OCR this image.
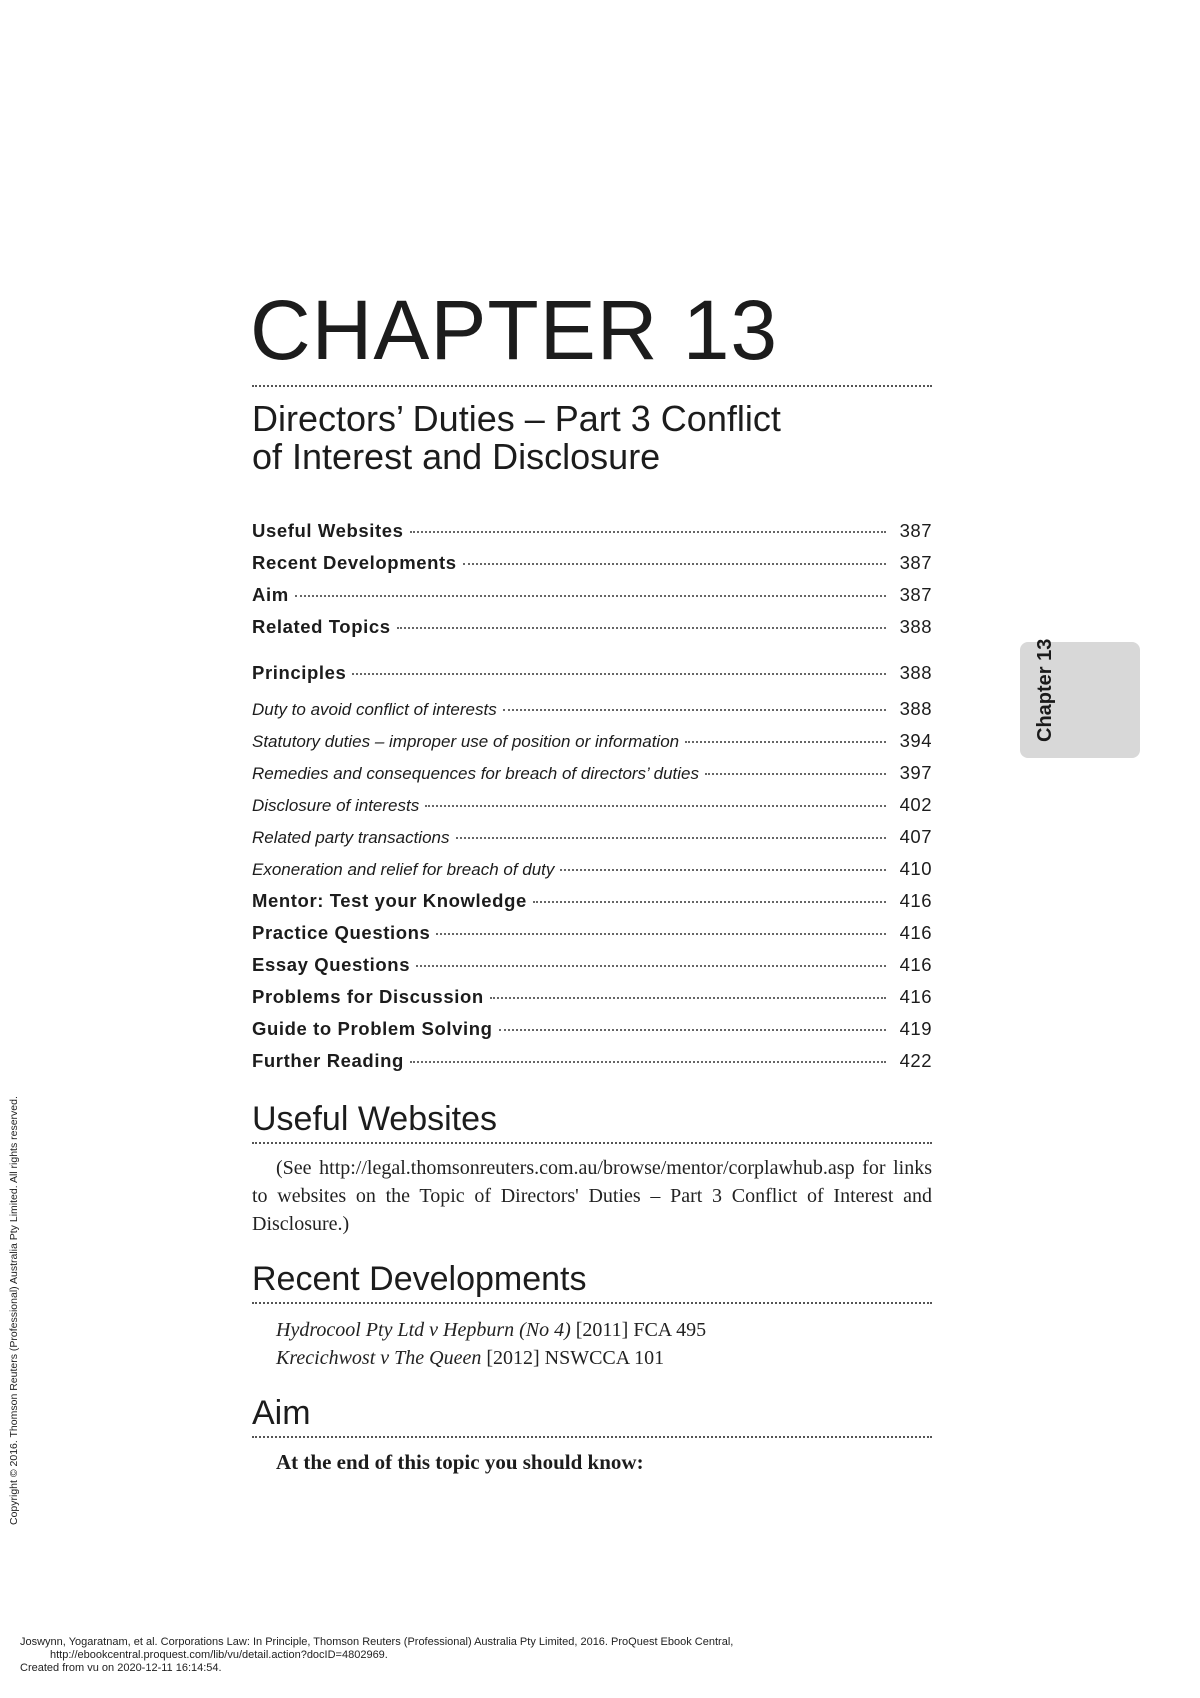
CHAPTER 13
Directors’ Duties – Part 3 Conflict
of Interest and Disclosure
Useful Websites	387
Recent Developments	387
Aim	387
Related Topics	388
Principles	388
Duty to avoid conflict of interests	388
Statutory duties – improper use of position or information	394
Remedies and consequences for breach of directors’ duties	397
Disclosure of interests	402
Related party transactions	407
Exoneration and relief for breach of duty	410
Mentor: Test your Knowledge	416
Practice Questions	416
Essay Questions	416
Problems for Discussion	416
Guide to Problem Solving	419
Further Reading	422
Useful Websites

(See http://legal.thomsonreuters.com.au/browse/mentor/corplawhub.asp for links to websites on the Topic of Directors' Duties – Part 3 Conflict of Interest and Disclosure.)

Recent Developments

Hydrocool Pty Ltd v Hepburn (No 4) [2011] FCA 495

Krecichwost v The Queen [2012] NSWCCA 101

Aim

At the end of this topic you should know:

Chapter 13
Copyright © 2016. Thomson Reuters (Professional) Australia Pty Limited. All rights reserved.
Joswynn, Yogaratnam, et al. Corporations Law: In Principle, Thomson Reuters (Professional) Australia Pty Limited, 2016. ProQuest Ebook Central,
http://ebookcentral.proquest.com/lib/vu/detail.action?docID=4802969.
Created from vu on 2020-12-11 16:14:54.
